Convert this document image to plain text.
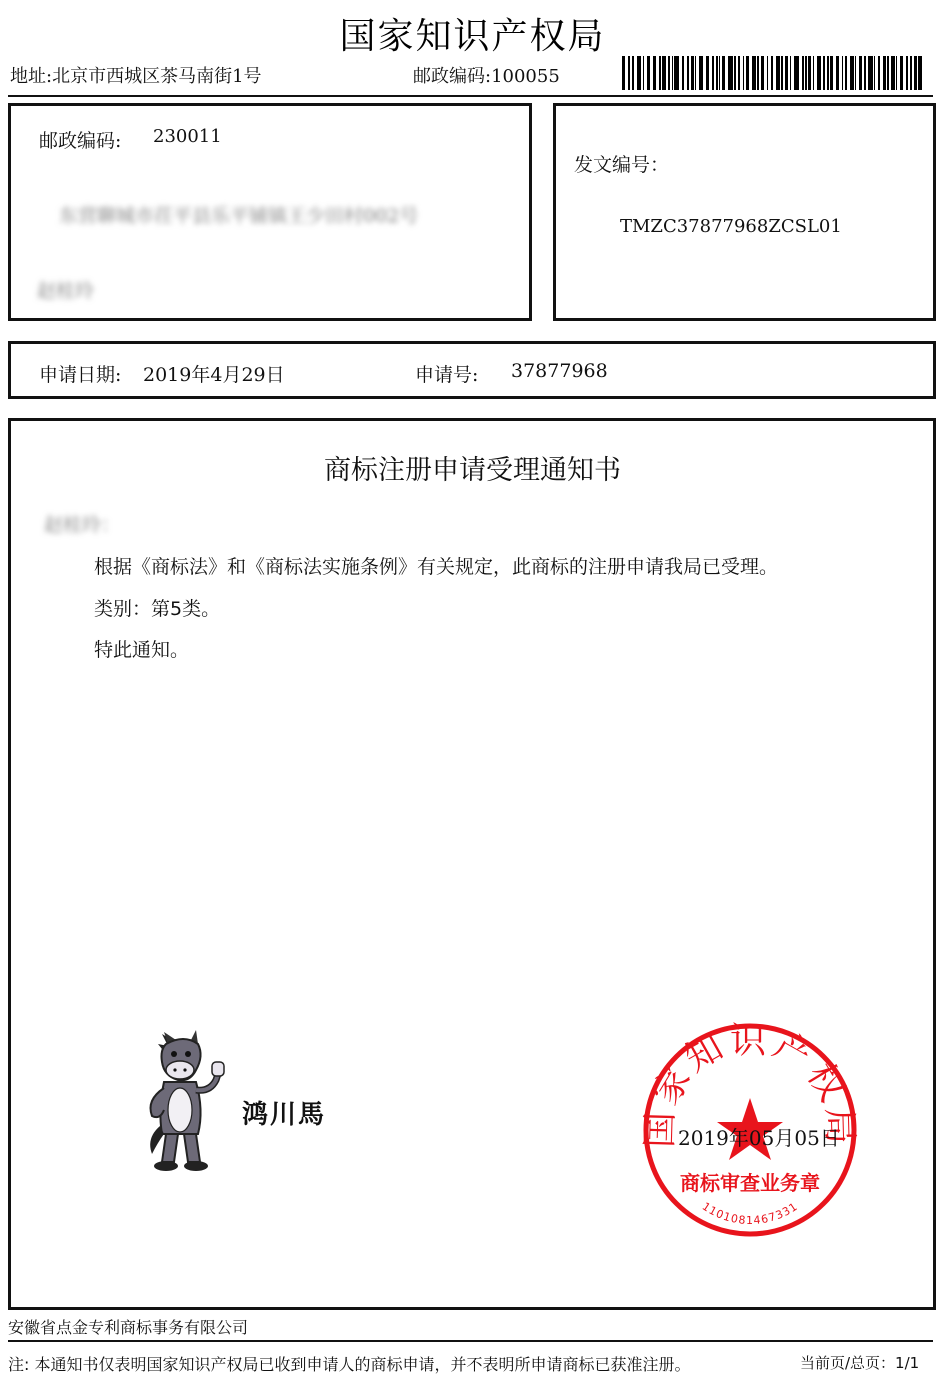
国家知识产权局
地址:北京市西城区茶马南街1号	邮政编码:100055
邮政编码: 230011
东营聊城市茌平县乐平铺镇王少田村002号
赵桂玲
发文编号：
TMZC37877968ZCSL01
申请日期: 2019年4月29日	申请号: 37877968
商标注册申请受理通知书
赵桂玲：
根据《商标法》和《商标法实施条例》有关规定，此商标的注册申请我局已受理。
类别：第5类。
特此通知。
鸿川馬	国家知识产权局
商标审查业务章
1101081467331
2019年05月05日
安徽省点金专利商标事务有限公司
注: 本通知书仅表明国家知识产权局已收到申请人的商标申请，并不表明所申请商标已获准注册。	当前页/总页：1/1
